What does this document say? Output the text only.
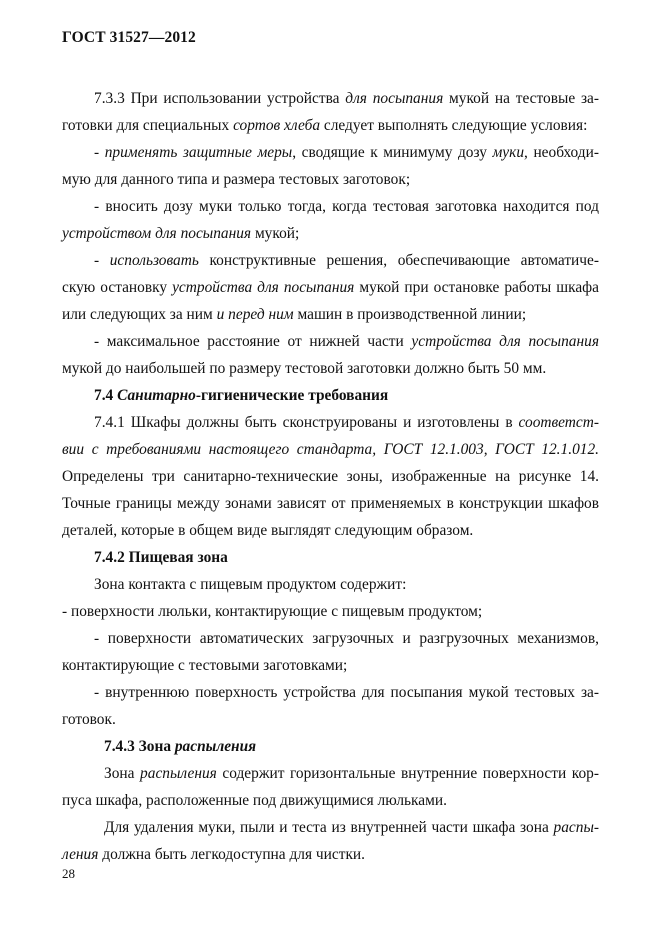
ГОСТ 31527—2012
7.3.3 При использовании устройства для посыпания мукой на тестовые за-
готовки для специальных сортов хлеба следует выполнять следующие условия:
- применять защитные меры, сводящие к минимуму дозу муки, необходи-
мую для данного типа и размера тестовых заготовок;
- вносить дозу муки только тогда, когда тестовая заготовка находится под
устройством для посыпания мукой;
- использовать конструктивные решения, обеспечивающие автоматиче-
скую остановку устройства для посыпания мукой при остановке работы шкафа
или следующих за ним и перед ним машин в производственной линии;
- максимальное расстояние от нижней части устройства для посыпания
мукой до наибольшей по размеру тестовой заготовки должно быть 50 мм.
7.4 Санитарно-гигиенические требования
7.4.1 Шкафы должны быть сконструированы и изготовлены в соответст-
вии с требованиями настоящего стандарта, ГОСТ 12.1.003, ГОСТ 12.1.012.
Определены три санитарно-технические зоны, изображенные на рисунке 14.
Точные границы между зонами зависят от применяемых в конструкции шкафов
деталей, которые в общем виде выглядят следующим образом.
7.4.2 Пищевая зона
Зона контакта с пищевым продуктом содержит:
- поверхности люльки, контактирующие с пищевым продуктом;
- поверхности автоматических загрузочных и разгрузочных механизмов,
контактирующие с тестовыми заготовками;
- внутреннюю поверхность устройства для посыпания мукой тестовых за-
готовок.
7.4.3 Зона распыления
Зона распыления содержит горизонтальные внутренние поверхности кор-
пуса шкафа, расположенные под движущимися люльками.
Для удаления муки, пыли и теста из внутренней части шкафа зона распы-
ления должна быть легкодоступна для чистки.
28
